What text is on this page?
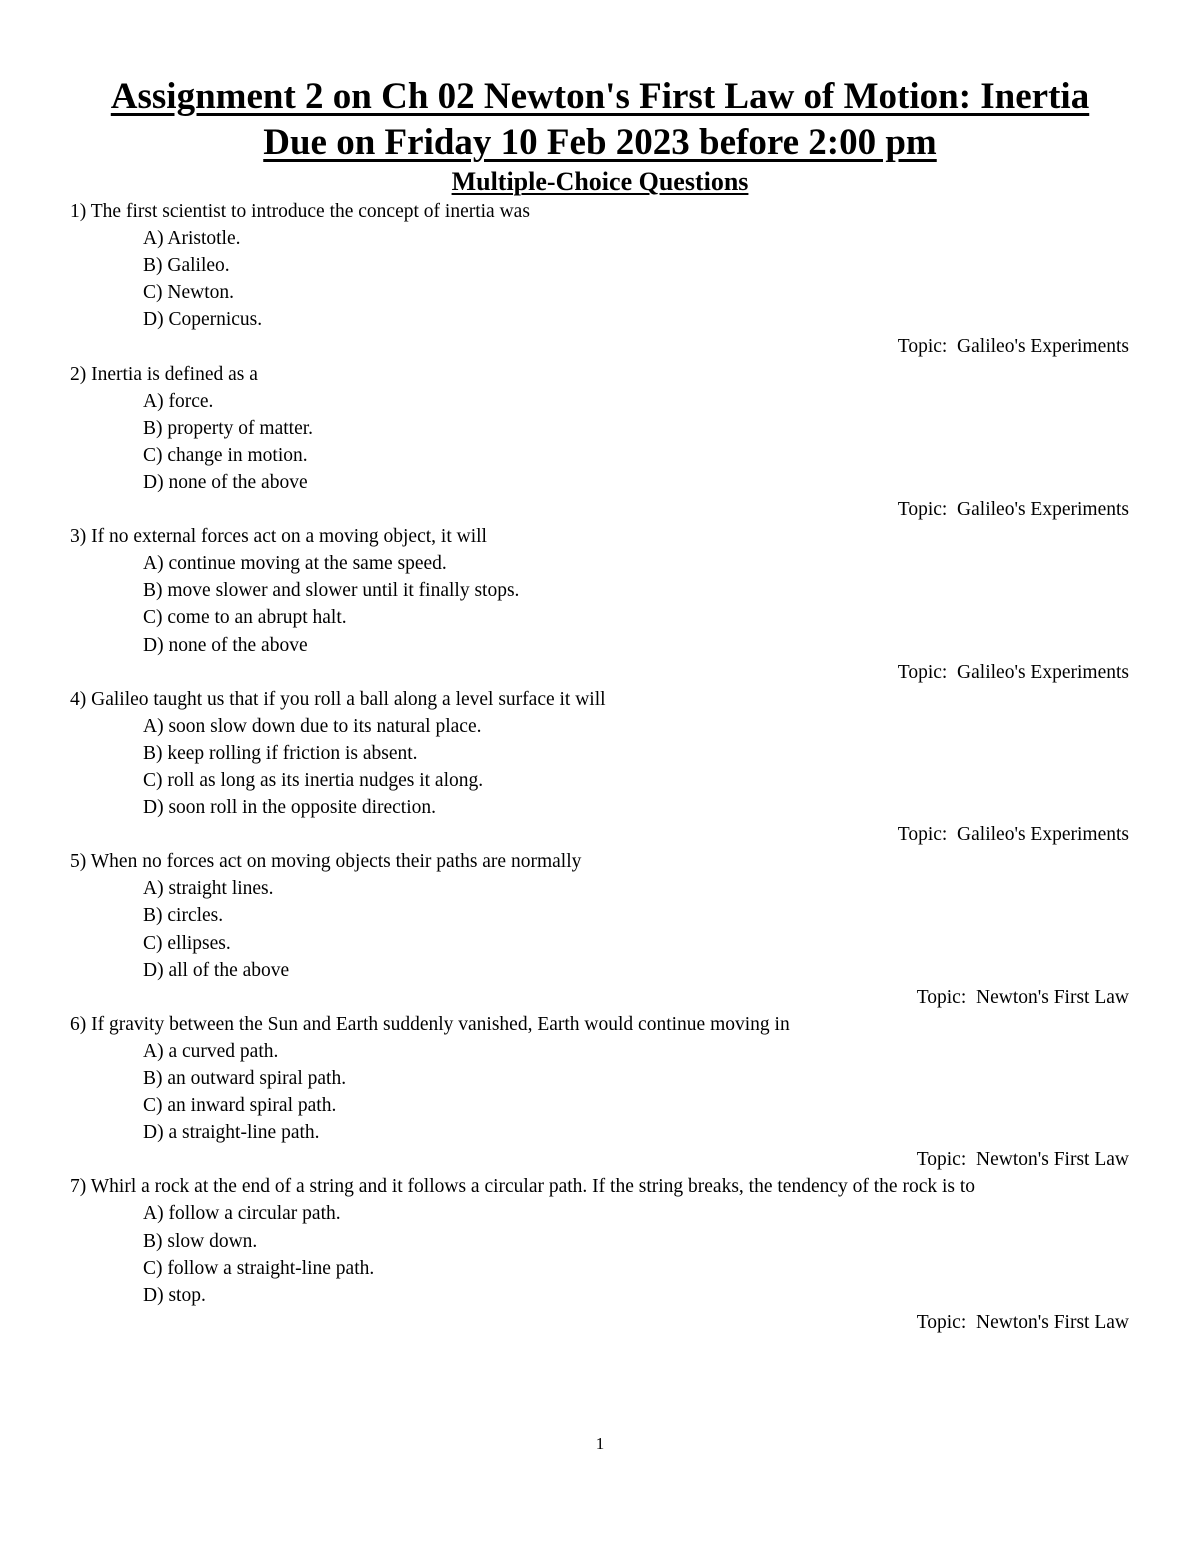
Assignment 2 on Ch 02 Newton's First Law of Motion: Inertia
Due on Friday 10 Feb 2023 before 2:00 pm
Multiple-Choice Questions
1) The first scientist to introduce the concept of inertia was
A) Aristotle.
B) Galileo.
C) Newton.
D) Copernicus.
Topic:  Galileo's Experiments
2) Inertia is defined as a
A) force.
B) property of matter.
C) change in motion.
D) none of the above
Topic:  Galileo's Experiments
3) If no external forces act on a moving object, it will
A) continue moving at the same speed.
B) move slower and slower until it finally stops.
C) come to an abrupt halt.
D) none of the above
Topic:  Galileo's Experiments
4) Galileo taught us that if you roll a ball along a level surface it will
A) soon slow down due to its natural place.
B) keep rolling if friction is absent.
C) roll as long as its inertia nudges it along.
D) soon roll in the opposite direction.
Topic:  Galileo's Experiments
5) When no forces act on moving objects their paths are normally
A) straight lines.
B) circles.
C) ellipses.
D) all of the above
Topic:  Newton's First Law
6) If gravity between the Sun and Earth suddenly vanished, Earth would continue moving in
A) a curved path.
B) an outward spiral path.
C) an inward spiral path.
D) a straight-line path.
Topic:  Newton's First Law
7) Whirl a rock at the end of a string and it follows a circular path. If the string breaks, the tendency of the rock is to
A) follow a circular path.
B) slow down.
C) follow a straight-line path.
D) stop.
Topic:  Newton's First Law
1
